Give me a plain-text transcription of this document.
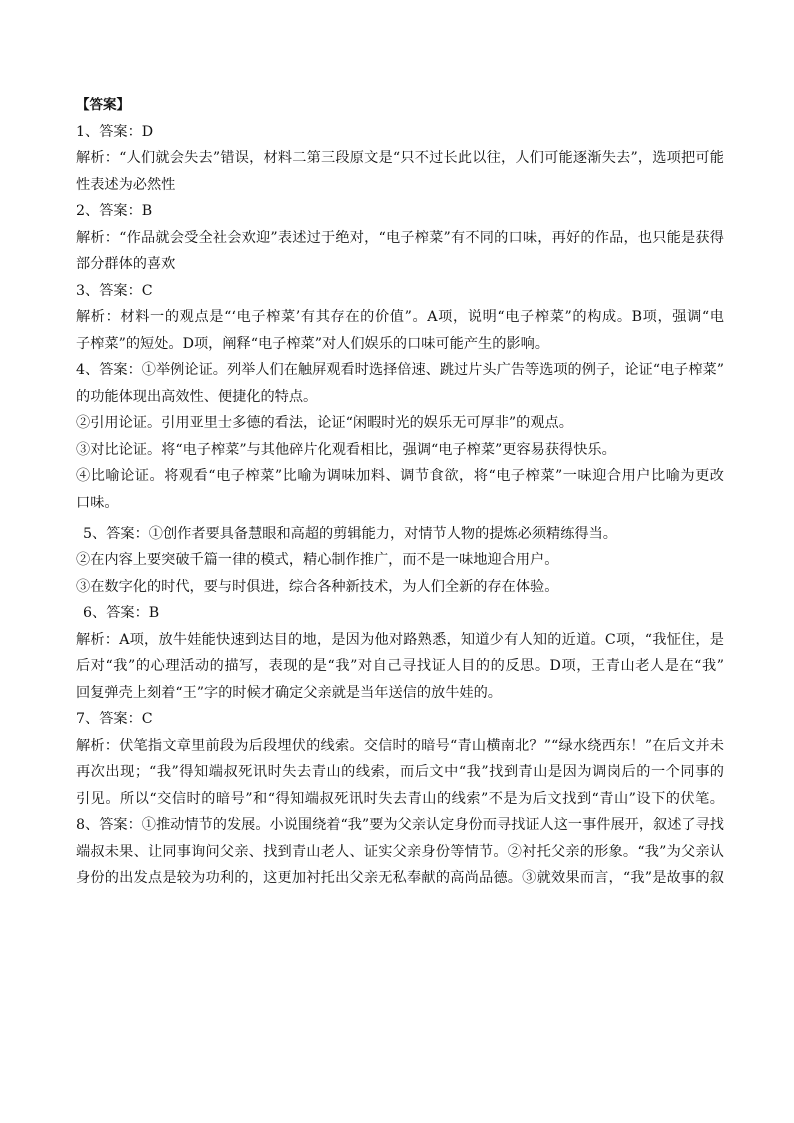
【答案】
1、答案：D
解析：“人们就会失去”错误，材料二第三段原文是“只不过长此以往，人们可能逐渐失去”，选项把可能
性表述为必然性
2、答案：B
解析：“作品就会受全社会欢迎”表述过于绝对，“电子榨菜”有不同的口味，再好的作品，也只能是获得
部分群体的喜欢
3、答案：C
解析：材料一的观点是“‘电子榨菜’有其存在的价值”。A项，说明“电子榨菜”的构成。B项，强调“电
子榨菜”的短处。D项，阐释“电子榨菜”对人们娱乐的口味可能产生的影响。
4、答案：①举例论证。列举人们在触屏观看时选择倍速、跳过片头广告等选项的例子，论证“电子榨菜”
的功能体现出高效性、便捷化的特点。
②引用论证。引用亚里士多德的看法，论证“闲暇时光的娱乐无可厚非”的观点。
③对比论证。将“电子榨菜”与其他碎片化观看相比，强调“电子榨菜”更容易获得快乐。
④比喻论证。将观看“电子榨菜”比喻为调味加料、调节食欲，将“电子榨菜”一味迎合用户比喻为更改
口味。
5、答案：①创作者要具备慧眼和高超的剪辑能力，对情节人物的提炼必须精练得当。
②在内容上要突破千篇一律的模式，精心制作推广，而不是一味地迎合用户。
③在数字化的时代，要与时俱进，综合各种新技术，为人们全新的存在体验。
6、答案：B
解析：A项，放牛娃能快速到达目的地，是因为他对路熟悉，知道少有人知的近道。C项，“我怔住，是
后对“我”的心理活动的描写，表现的是“我”对自己寻找证人目的的反思。D项，王青山老人是在“我”
回复弹壳上刻着“王”字的时候才确定父亲就是当年送信的放牛娃的。
7、答案：C
解析：伏笔指文章里前段为后段埋伏的线索。交信时的暗号“青山横南北？”“绿水绕西东！”在后文并未
再次出现；“我”得知端叔死讯时失去青山的线索，而后文中“我”找到青山是因为调岗后的一个同事的
引见。所以“交信时的暗号”和“得知端叔死讯时失去青山的线索”不是为后文找到“青山”设下的伏笔。
8、答案：①推动情节的发展。小说围绕着“我”要为父亲认定身份而寻找证人这一事件展开，叙述了寻找
端叔未果、让同事询问父亲、找到青山老人、证实父亲身份等情节。②衬托父亲的形象。“我”为父亲认
身份的出发点是较为功利的，这更加衬托出父亲无私奉献的高尚品德。③就效果而言，“我”是故事的叙
